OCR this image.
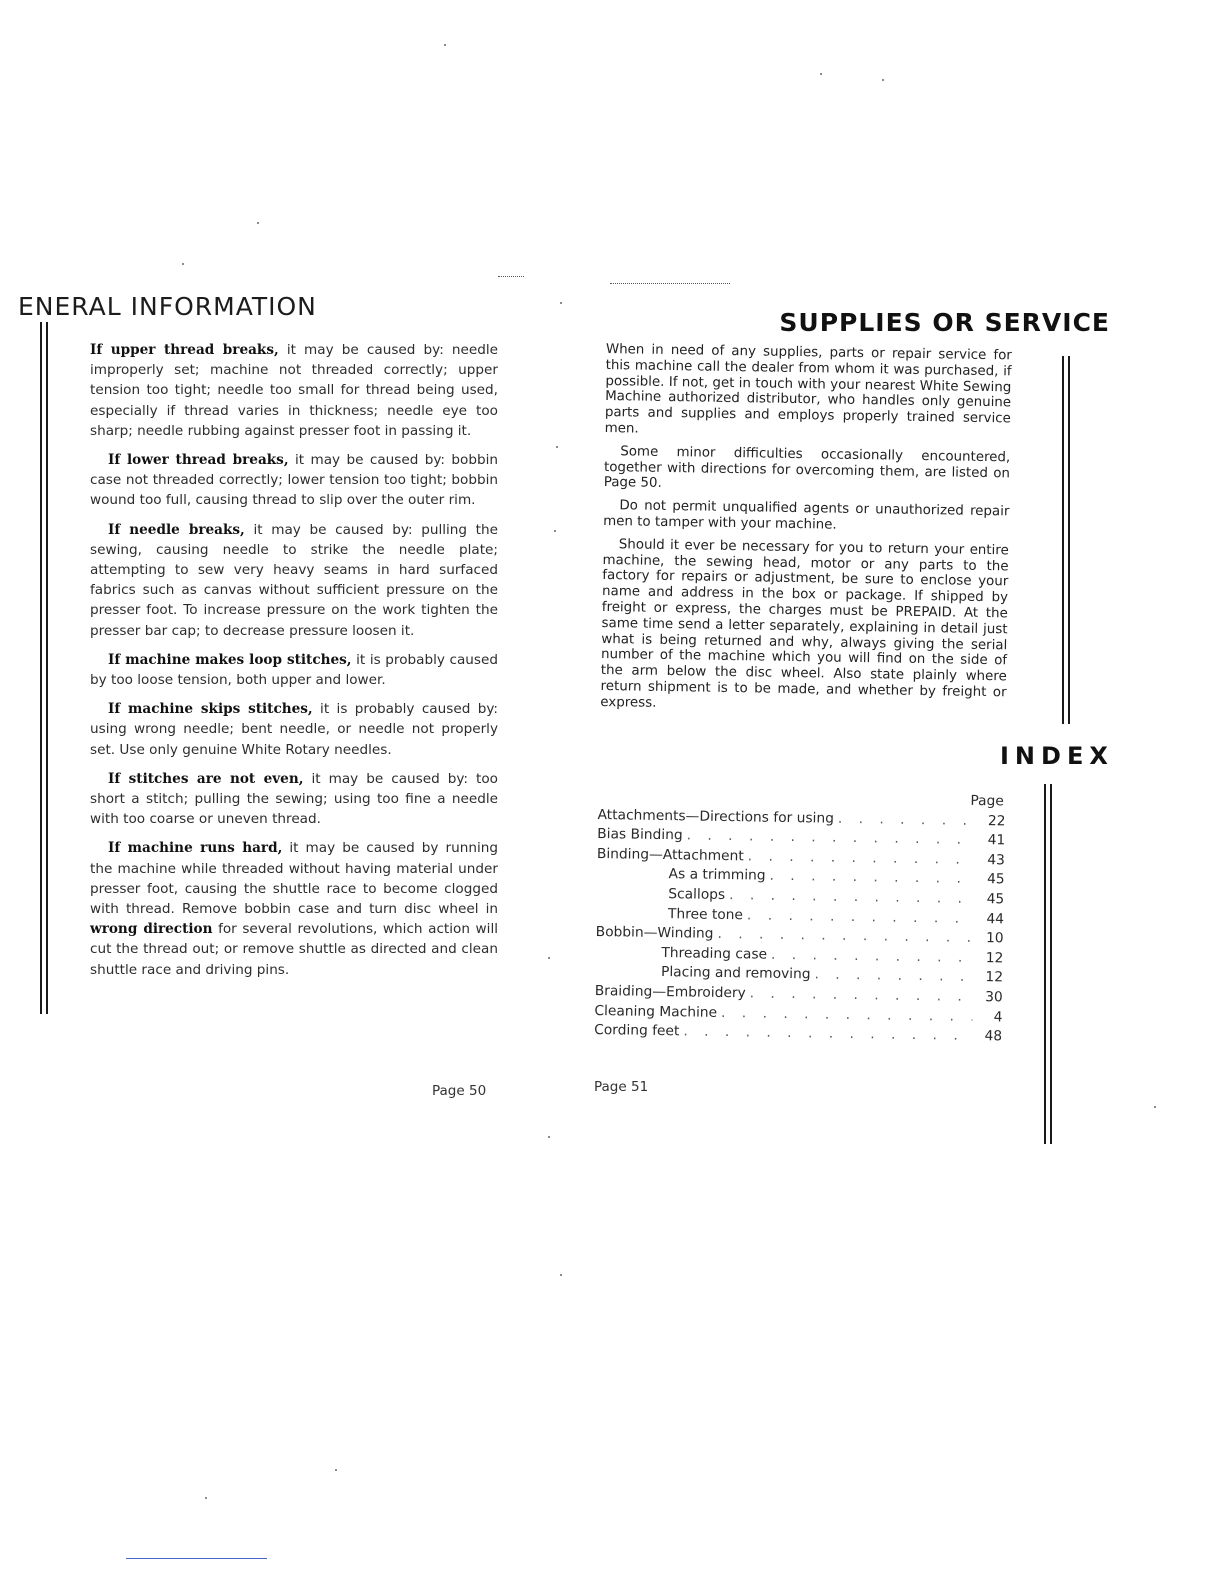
ENERAL INFORMATION

If upper thread breaks, it may be caused by: needle improperly set; machine not threaded correctly; upper tension too tight; needle too small for thread being used, especially if thread varies in thickness; needle eye too sharp; needle rubbing against presser foot in passing it.

If lower thread breaks, it may be caused by: bobbin case not threaded correctly; lower tension too tight; bobbin wound too full, causing thread to slip over the outer rim.

If needle breaks, it may be caused by: pulling the sewing, causing needle to strike the needle plate; attempting to sew very heavy seams in hard surfaced fabrics such as canvas without sufficient pressure on the presser foot. To increase pressure on the work tighten the presser bar cap; to decrease pressure loosen it.

If machine makes loop stitches, it is probably caused by too loose tension, both upper and lower.

If machine skips stitches, it is probably caused by: using wrong needle; bent needle, or needle not properly set. Use only genuine White Rotary needles.

If stitches are not even, it may be caused by: too short a stitch; pulling the sewing; using too fine a needle with too coarse or uneven thread.

If machine runs hard, it may be caused by running the machine while threaded without having material under presser foot, causing the shuttle race to become clogged with thread. Remove bobbin case and turn disc wheel in wrong direction for several revolutions, which action will cut the thread out; or remove shuttle as directed and clean shuttle race and driving pins.

Page 50
SUPPLIES OR SERVICE

When in need of any supplies, parts or repair service for this machine call the dealer from whom it was purchased, if possible. If not, get in touch with your nearest White Sewing Machine authorized distributor, who handles only genuine parts and supplies and employs properly trained service men.

Some minor difficulties occasionally encountered, together with directions for overcoming them, are listed on Page 50.

Do not permit unqualified agents or unauthorized repair men to tamper with your machine.

Should it ever be necessary for you to return your entire machine, the sewing head, motor or any parts to the factory for repairs or adjustment, be sure to enclose your name and address in the box or package. If shipped by freight or express, the charges must be PREPAID. At the same time send a letter separately, explaining in detail just what is being returned and why, always giving the serial number of the machine which you will find on the side of the arm below the disc wheel. Also state plainly where return shipment is to be made, and whether by freight or express.

INDEX
Page
Attachments—Directions for using . . .	22
Bias Binding . . .	41
Binding—Attachment . . .	43
As a trimming . . .	45
Scallops . . .	45
Three tone . . .	44
Bobbin—Winding . . .	10
Threading case . . .	12
Placing and removing . . .	12
Braiding—Embroidery . . .	30
Cleaning Machine . . .	4
Cording feet . . .	48
Page 51
